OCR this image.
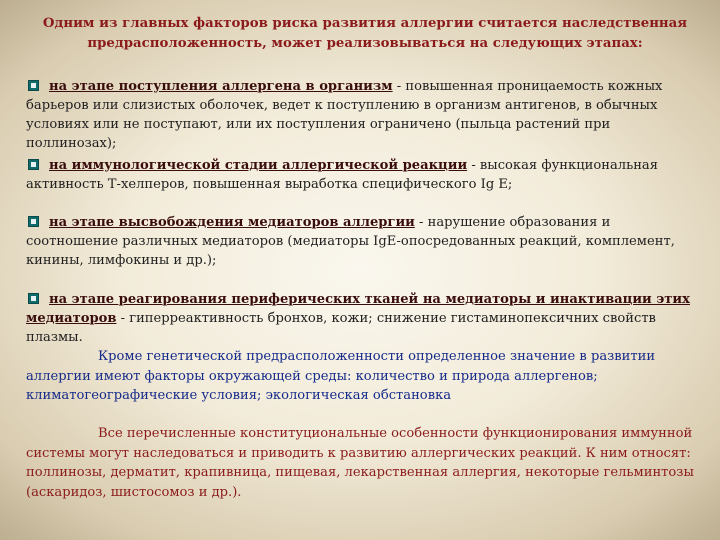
Одним из главных факторов риска развития аллергии считается наследственная предрасположенность, может реализовываться на следующих этапах:
на этапе поступления аллергена в организм - повышенная проницаемость кожных барьеров или слизистых оболочек, ведет к поступлению в организм антигенов, в обычных условиях или не поступают, или их поступления ограничено (пыльца растений при поллинозах);
на иммунологической стадии аллергической реакции - высокая функциональная активность Т-хелперов, повышенная выработка специфического Ig E;
на этапе высвобождения медиаторов аллергии - нарушение образования и соотношение различных медиаторов (медиаторы IgE-опосредованных реакций, комплемент, кинины, лимфокины и др.);
на этапе реагирования периферических тканей на медиаторы и инактивации этих медиаторов - гиперреактивность бронхов, кожи; снижение гистаминопексичних свойств плазмы.
Кроме генетической предрасположенности определенное значение в развитии аллергии имеют факторы окружающей среды: количество и природа аллергенов; климатогеографические условия; экологическая обстановка
Все перечисленные конституциональные особенности функционирования иммунной системы могут наследоваться и приводить к развитию аллергических реакций. К ним относят: поллинозы, дерматит, крапивница, пищевая, лекарственная аллергия, некоторые гельминтозы (аскаридоз, шистосомоз и др.).
